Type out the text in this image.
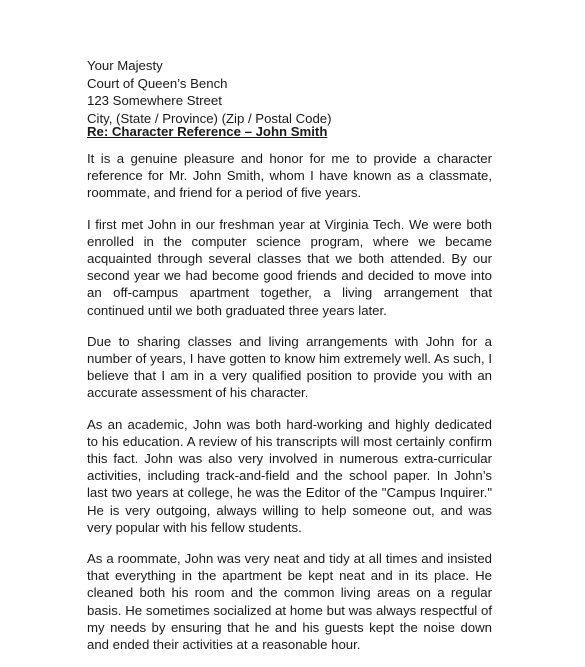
Your Majesty
Court of Queen’s Bench
123 Somewhere Street
City, (State / Province) (Zip / Postal Code)
Re: Character Reference – John Smith

It is a genuine pleasure and honor for me to provide a character reference for Mr. John Smith, whom I have known as a classmate, roommate, and friend for a period of five years.

I first met John in our freshman year at Virginia Tech. We were both enrolled in the computer science program, where we became acquainted through several classes that we both attended. By our second year we had become good friends and decided to move into an off-campus apartment together, a living arrangement that continued until we both graduated three years later.

Due to sharing classes and living arrangements with John for a number of years, I have gotten to know him extremely well. As such, I believe that I am in a very qualified position to provide you with an accurate assessment of his character.

As an academic, John was both hard-working and highly dedicated to his education. A review of his transcripts will most certainly confirm this fact. John was also very involved in numerous extra-curricular activities, including track-and-field and the school paper. In John’s last two years at college, he was the Editor of the "Campus Inquirer." He is very outgoing, always willing to help someone out, and was very popular with his fellow students.

As a roommate, John was very neat and tidy at all times and insisted that everything in the apartment be kept neat and in its place. He cleaned both his room and the common living areas on a regular basis. He sometimes socialized at home but was always respectful of my needs by ensuring that he and his guests kept the noise down and ended their activities at a reasonable hour.
